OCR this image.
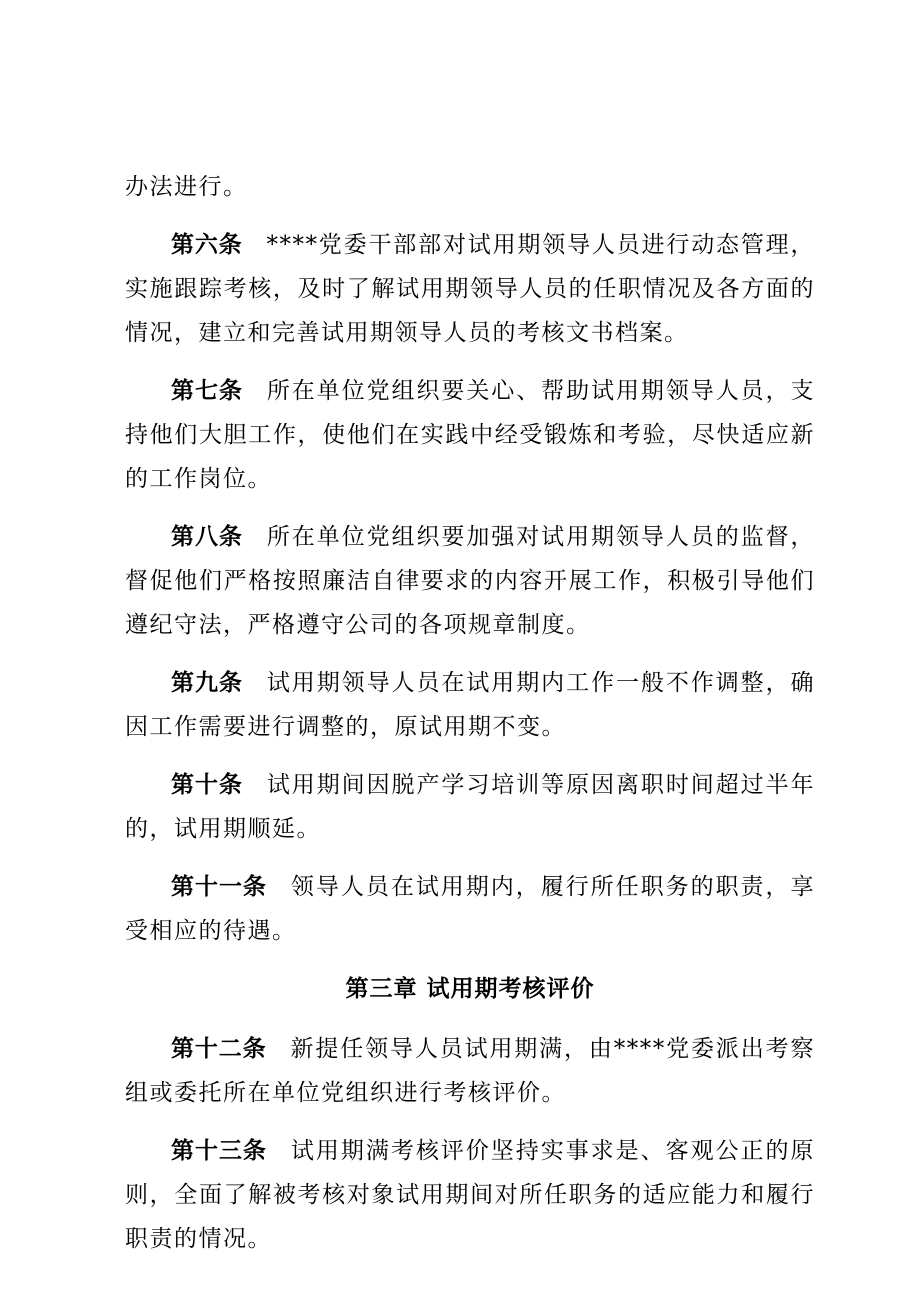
办法进行。

第六条 ****党委干部部对试用期领导人员进行动态管理，实施跟踪考核，及时了解试用期领导人员的任职情况及各方面的情况，建立和完善试用期领导人员的考核文书档案。

第七条 所在单位党组织要关心、帮助试用期领导人员，支持他们大胆工作，使他们在实践中经受锻炼和考验，尽快适应新的工作岗位。

第八条 所在单位党组织要加强对试用期领导人员的监督，督促他们严格按照廉洁自律要求的内容开展工作，积极引导他们遵纪守法，严格遵守公司的各项规章制度。

第九条 试用期领导人员在试用期内工作一般不作调整，确因工作需要进行调整的，原试用期不变。

第十条 试用期间因脱产学习培训等原因离职时间超过半年的，试用期顺延。

第十一条 领导人员在试用期内，履行所任职务的职责，享受相应的待遇。

第三章 试用期考核评价

第十二条 新提任领导人员试用期满，由****党委派出考察组或委托所在单位党组织进行考核评价。

第十三条 试用期满考核评价坚持实事求是、客观公正的原则，全面了解被考核对象试用期间对所任职务的适应能力和履行职责的情况。
